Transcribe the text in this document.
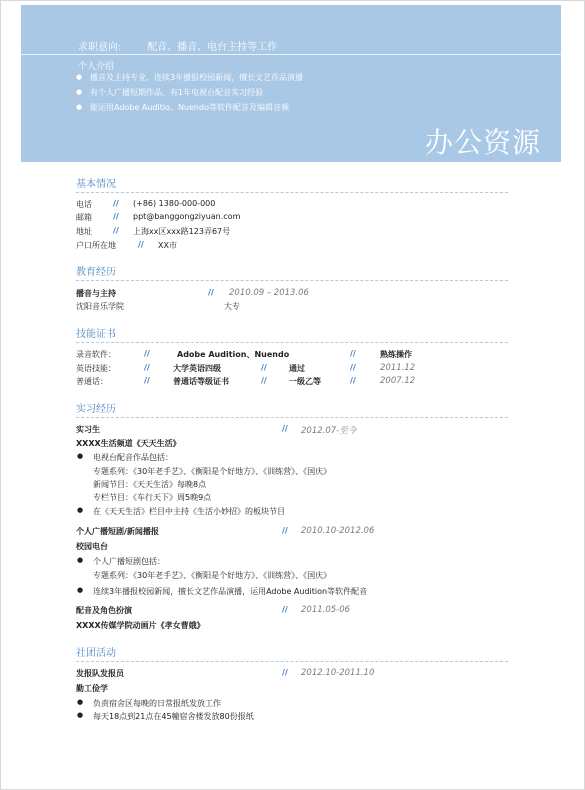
求职意向:	配音、播音、电台主持等工作
个人介绍
● 播音及主持专业，连续3年播报校园新闻，擅长文艺作品演播
● 有个人广播短期作品，有1年电视台配音实习经验
● 能运用Adobe Auditio、Nuendo等软件配音及编辑音频
办公资源
基本情况
电话	// (+86) 1380-000-000
邮箱	// ppt@banggongziyuan.com
地址	// 上海xx区xxx路123弄67号
户口所在地	// XX市
教育经历
播音与主持	// 2010.09 – 2013.06
沈阳音乐学院	大专
技能证书
录音软件：	//	Adobe Audition、Nuendo	//	熟练操作
英语技能：	//	大学英语四级	//	通过	//	2011.12
普通话：	//	普通话等级证书	//	一级乙等	//	2007.12
实习经历
实习生	// 2012.07-至今
XXXX生活频道《天天生活》
● 电视台配音作品包括：
专题系列：《30年老手艺》、《衡阳是个好地方》、《训练营》、《国庆》
新闻节目：《天天生活》每晚8点
专栏节目：《车行天下》周5晚9点
● 在《天天生活》栏目中主持《生活小妙招》的板块节目
个人广播短剧/新闻播报	// 2010.10-2012.06
校园电台
● 个人广播短剧包括：
专题系列：《30年老手艺》、《衡阳是个好地方》、《训练营》、《国庆》
● 连续3年播报校园新闻，擅长文艺作品演播，运用Adobe Audition等软件配音
配音及角色扮演	// 2011.05-06
XXXX传媒学院动画片《孝女曹娥》
社团活动
发报队发报员	// 2012.10-2011.10
勤工俭学
● 负责宿舍区每晚的日常报纸发放工作
● 每天18点到21点在45幢宿舍楼发放80份报纸
